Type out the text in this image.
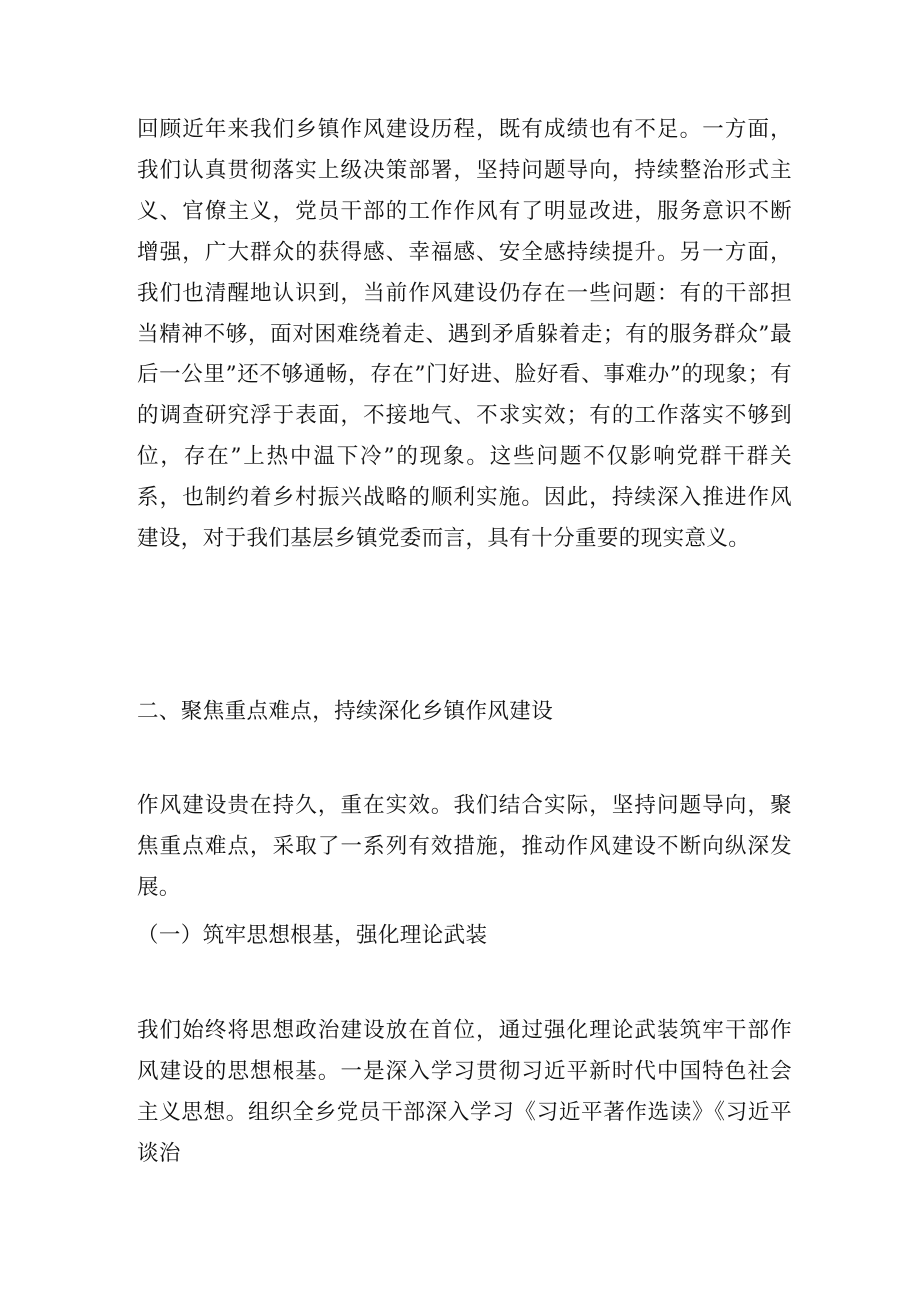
回顾近年来我们乡镇作风建设历程，既有成绩也有不足。一方面，我们认真贯彻落实上级决策部署，坚持问题导向，持续整治形式主义、官僚主义，党员干部的工作作风有了明显改进，服务意识不断增强，广大群众的获得感、幸福感、安全感持续提升。另一方面，我们也清醒地认识到，当前作风建设仍存在一些问题：有的干部担当精神不够，面对困难绕着走、遇到矛盾躲着走；有的服务群众”最后一公里”还不够通畅，存在”门好进、脸好看、事难办”的现象；有的调查研究浮于表面，不接地气、不求实效；有的工作落实不够到位，存在”上热中温下冷”的现象。这些问题不仅影响党群干群关系，也制约着乡村振兴战略的顺利实施。因此，持续深入推进作风建设，对于我们基层乡镇党委而言，具有十分重要的现实意义。

二、聚焦重点难点，持续深化乡镇作风建设

作风建设贵在持久，重在实效。我们结合实际，坚持问题导向，聚焦重点难点，采取了一系列有效措施，推动作风建设不断向纵深发展。

（一）筑牢思想根基，强化理论武装

我们始终将思想政治建设放在首位，通过强化理论武装筑牢干部作风建设的思想根基。一是深入学习贯彻习近平新时代中国特色社会主义思想。组织全乡党员干部深入学习《习近平著作选读》《习近平谈治
